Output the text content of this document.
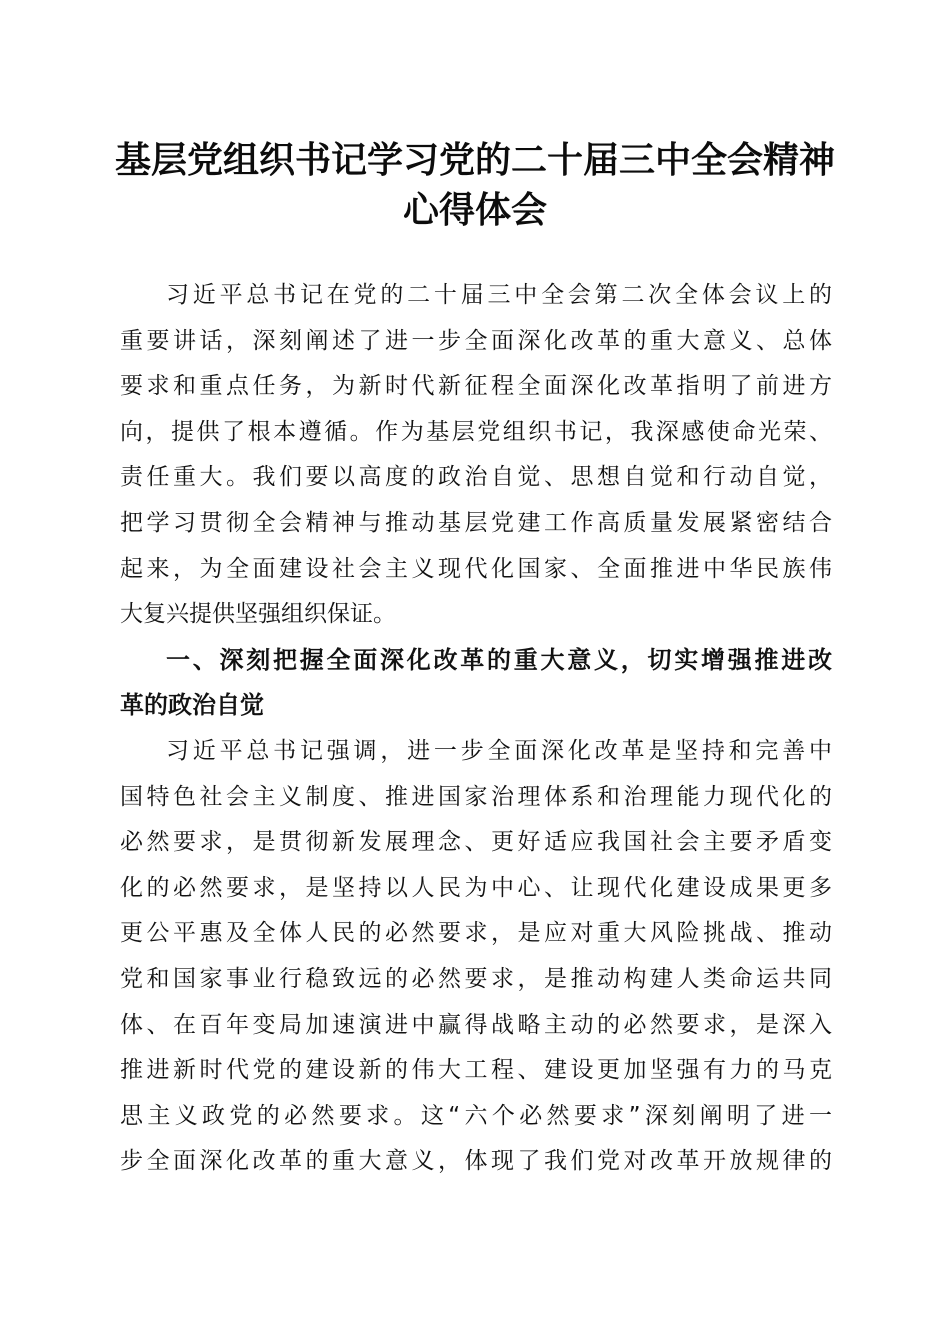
基层党组织书记学习党的二十届三中全会精神
心得体会
习近平总书记在党的二十届三中全会第二次全体会议上的
重要讲话，深刻阐述了进一步全面深化改革的重大意义、总体
要求和重点任务，为新时代新征程全面深化改革指明了前进方
向，提供了根本遵循。作为基层党组织书记，我深感使命光荣、
责任重大。我们要以高度的政治自觉、思想自觉和行动自觉，
把学习贯彻全会精神与推动基层党建工作高质量发展紧密结合
起来，为全面建设社会主义现代化国家、全面推进中华民族伟
大复兴提供坚强组织保证。
一、深刻把握全面深化改革的重大意义，切实增强推进改
革的政治自觉
习近平总书记强调，进一步全面深化改革是坚持和完善中
国特色社会主义制度、推进国家治理体系和治理能力现代化的
必然要求，是贯彻新发展理念、更好适应我国社会主要矛盾变
化的必然要求，是坚持以人民为中心、让现代化建设成果更多
更公平惠及全体人民的必然要求，是应对重大风险挑战、推动
党和国家事业行稳致远的必然要求，是推动构建人类命运共同
体、在百年变局加速演进中赢得战略主动的必然要求，是深入
推进新时代党的建设新的伟大工程、建设更加坚强有力的马克
思主义政党的必然要求。这“六个必然要求”深刻阐明了进一
步全面深化改革的重大意义，体现了我们党对改革开放规律的
